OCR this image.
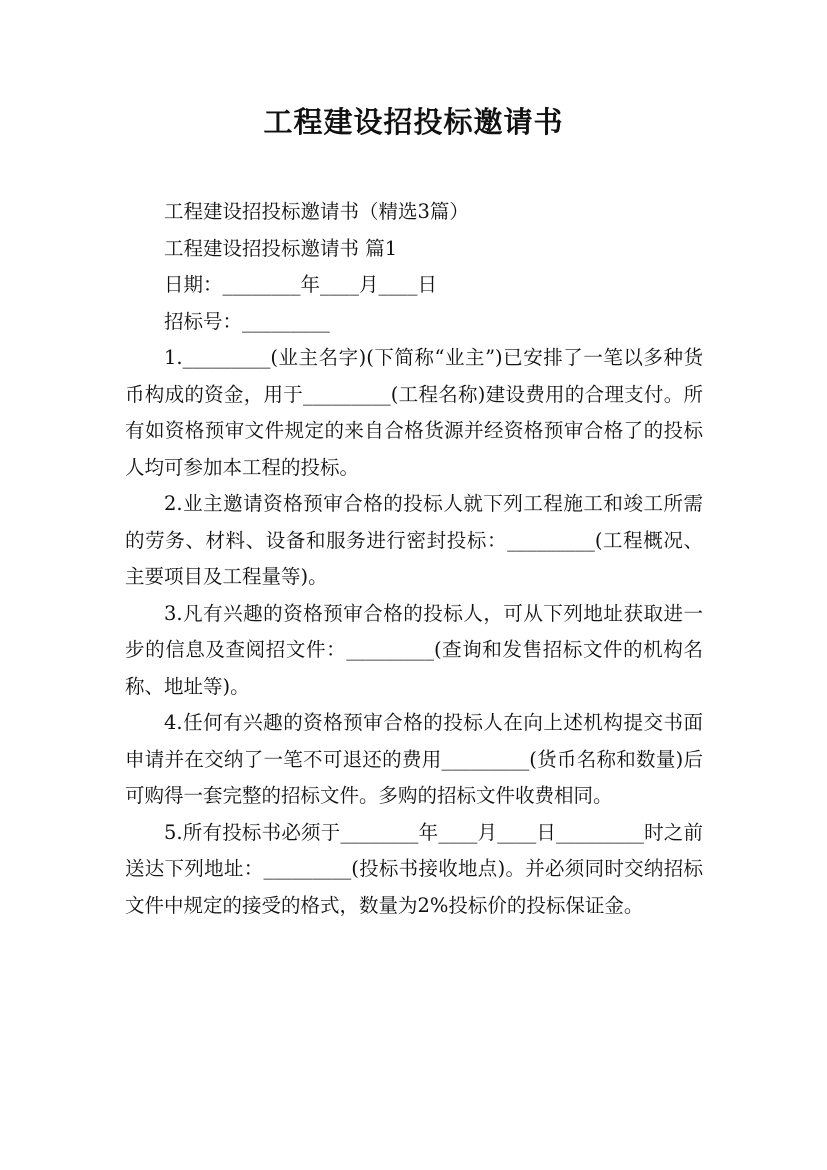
工程建设招投标邀请书

工程建设招投标邀请书（精选3篇）

工程建设招投标邀请书 篇1

日期：________年____月____日

招标号：_________

1._________(业主名字)(下简称“业主”)已安排了一笔以多种货币构成的资金，用于_________(工程名称)建设费用的合理支付。所有如资格预审文件规定的来自合格货源并经资格预审合格了的投标人均可参加本工程的投标。

2.业主邀请资格预审合格的投标人就下列工程施工和竣工所需的劳务、材料、设备和服务进行密封投标：_________(工程概况、主要项目及工程量等)。

3.凡有兴趣的资格预审合格的投标人，可从下列地址获取进一步的信息及查阅招文件：_________(查询和发售招标文件的机构名称、地址等)。

4.任何有兴趣的资格预审合格的投标人在向上述机构提交书面申请并在交纳了一笔不可退还的费用_________(货币名称和数量)后可购得一套完整的招标文件。多购的招标文件收费相同。

5.所有投标书必须于________年____月____日_________时之前送达下列地址：_________(投标书接收地点)。并必须同时交纳招标文件中规定的接受的格式，数量为2%投标价的投标保证金。
